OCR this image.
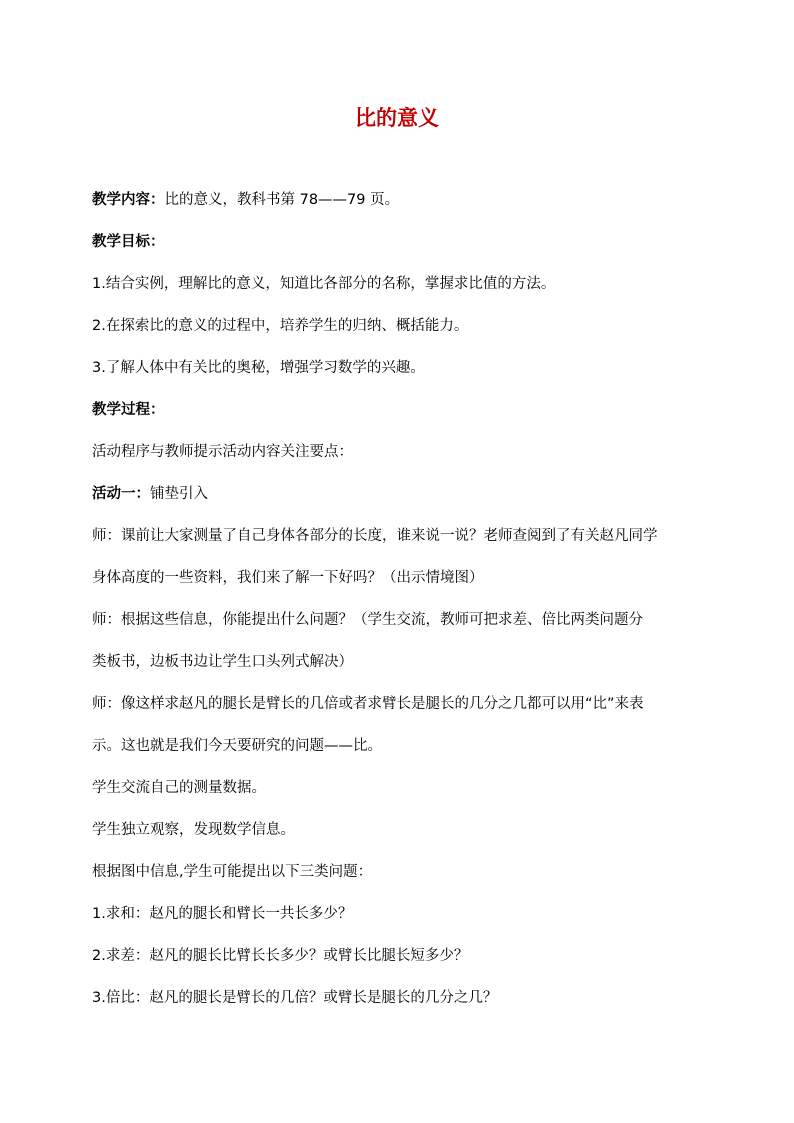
比的意义

教学内容：比的意义，教科书第 78——79 页。

教学目标：

1.结合实例，理解比的意义，知道比各部分的名称，掌握求比值的方法。

2.在探索比的意义的过程中，培养学生的归纳、概括能力。

3.了解人体中有关比的奥秘，增强学习数学的兴趣。

教学过程：

活动程序与教师提示活动内容关注要点：

活动一：铺垫引入

师：课前让大家测量了自己身体各部分的长度，谁来说一说？老师查阅到了有关赵凡同学

身体高度的一些资料，我们来了解一下好吗？（出示情境图）

师：根据这些信息，你能提出什么问题？（学生交流，教师可把求差、倍比两类问题分

类板书，边板书边让学生口头列式解决）

师：像这样求赵凡的腿长是臂长的几倍或者求臂长是腿长的几分之几都可以用“比”来表

示。这也就是我们今天要研究的问题——比。

学生交流自己的测量数据。

学生独立观察，发现数学信息。

根据图中信息,学生可能提出以下三类问题：

1.求和：赵凡的腿长和臂长一共长多少？

2.求差：赵凡的腿长比臂长长多少？或臂长比腿长短多少？

3.倍比：赵凡的腿长是臂长的几倍？或臂长是腿长的几分之几？
